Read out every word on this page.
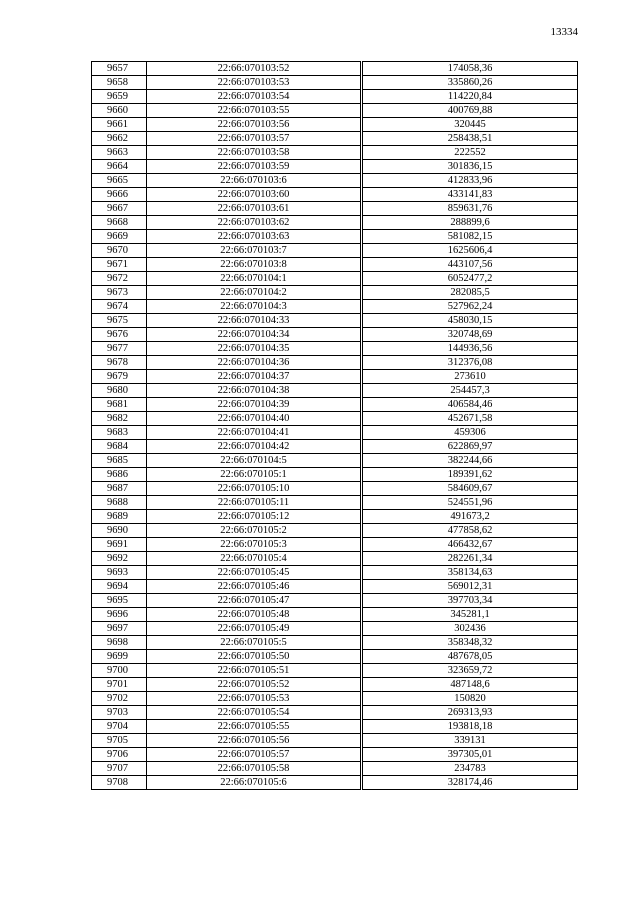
13334
9657	22:66:070103:52		174058,36
9658	22:66:070103:53		335860,26
9659	22:66:070103:54		114220,84
9660	22:66:070103:55		400769,88
9661	22:66:070103:56		320445
9662	22:66:070103:57		258438,51
9663	22:66:070103:58		222552
9664	22:66:070103:59		301836,15
9665	22:66:070103:6		412833,96
9666	22:66:070103:60		433141,83
9667	22:66:070103:61		859631,76
9668	22:66:070103:62		288899,6
9669	22:66:070103:63		581082,15
9670	22:66:070103:7		1625606,4
9671	22:66:070103:8		443107,56
9672	22:66:070104:1		6052477,2
9673	22:66:070104:2		282085,5
9674	22:66:070104:3		527962,24
9675	22:66:070104:33		458030,15
9676	22:66:070104:34		320748,69
9677	22:66:070104:35		144936,56
9678	22:66:070104:36		312376,08
9679	22:66:070104:37		273610
9680	22:66:070104:38		254457,3
9681	22:66:070104:39		406584,46
9682	22:66:070104:40		452671,58
9683	22:66:070104:41		459306
9684	22:66:070104:42		622869,97
9685	22:66:070104:5		382244,66
9686	22:66:070105:1		189391,62
9687	22:66:070105:10		584609,67
9688	22:66:070105:11		524551,96
9689	22:66:070105:12		491673,2
9690	22:66:070105:2		477858,62
9691	22:66:070105:3		466432,67
9692	22:66:070105:4		282261,34
9693	22:66:070105:45		358134,63
9694	22:66:070105:46		569012,31
9695	22:66:070105:47		397703,34
9696	22:66:070105:48		345281,1
9697	22:66:070105:49		302436
9698	22:66:070105:5		358348,32
9699	22:66:070105:50		487678,05
9700	22:66:070105:51		323659,72
9701	22:66:070105:52		487148,6
9702	22:66:070105:53		150820
9703	22:66:070105:54		269313,93
9704	22:66:070105:55		193818,18
9705	22:66:070105:56		339131
9706	22:66:070105:57		397305,01
9707	22:66:070105:58		234783
9708	22:66:070105:6		328174,46
